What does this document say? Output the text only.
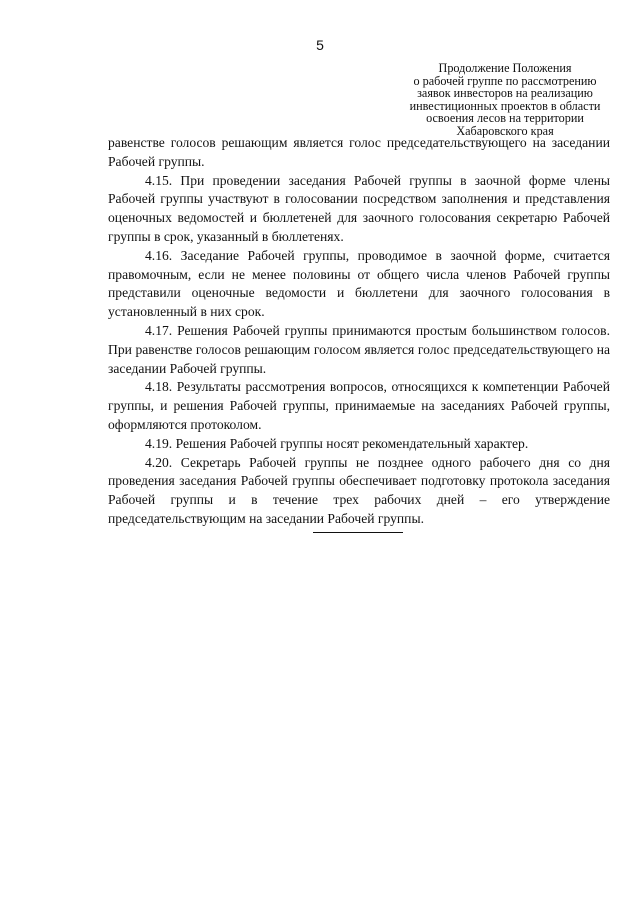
5
Продолжение Положения
о рабочей группе по рассмотрению
заявок инвесторов на реализацию
инвестиционных проектов в области
освоения лесов на территории
Хабаровского края

равенстве голосов решающим является голос председательствующего на заседании Рабочей группы.

4.15. При проведении заседания Рабочей группы в заочной форме члены Рабочей группы участвуют в голосовании посредством заполнения и представления оценочных ведомостей и бюллетеней для заочного голосования секретарю Рабочей группы в срок, указанный в бюллетенях.

4.16. Заседание Рабочей группы, проводимое в заочной форме, считается правомочным, если не менее половины от общего числа членов Рабочей группы представили оценочные ведомости и бюллетени для заочного голосования в установленный в них срок.

4.17. Решения Рабочей группы принимаются простым большинством голосов. При равенстве голосов решающим голосом является голос председательствующего на заседании Рабочей группы.

4.18. Результаты рассмотрения вопросов, относящихся к компетенции Рабочей группы, и решения Рабочей группы, принимаемые на заседаниях Рабочей группы, оформляются протоколом.

4.19. Решения Рабочей группы носят рекомендательный характер.

4.20. Секретарь Рабочей группы не позднее одного рабочего дня со дня проведения заседания Рабочей группы обеспечивает подготовку протокола заседания Рабочей группы и в течение трех рабочих дней – его утверждение председательствующим на заседании Рабочей группы.
